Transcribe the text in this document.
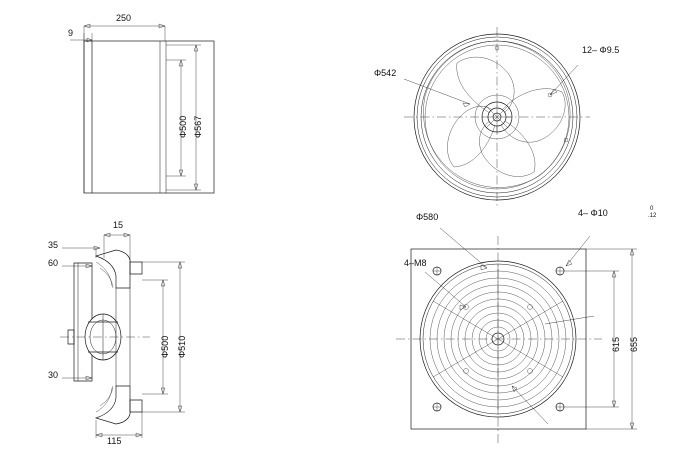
250
9
Φ500 Φ567
Φ542
12– Φ9.5
15
35
60
30
115
Φ500 Φ510
Φ580
4–M8
4– Φ10	0
.12
615 655
